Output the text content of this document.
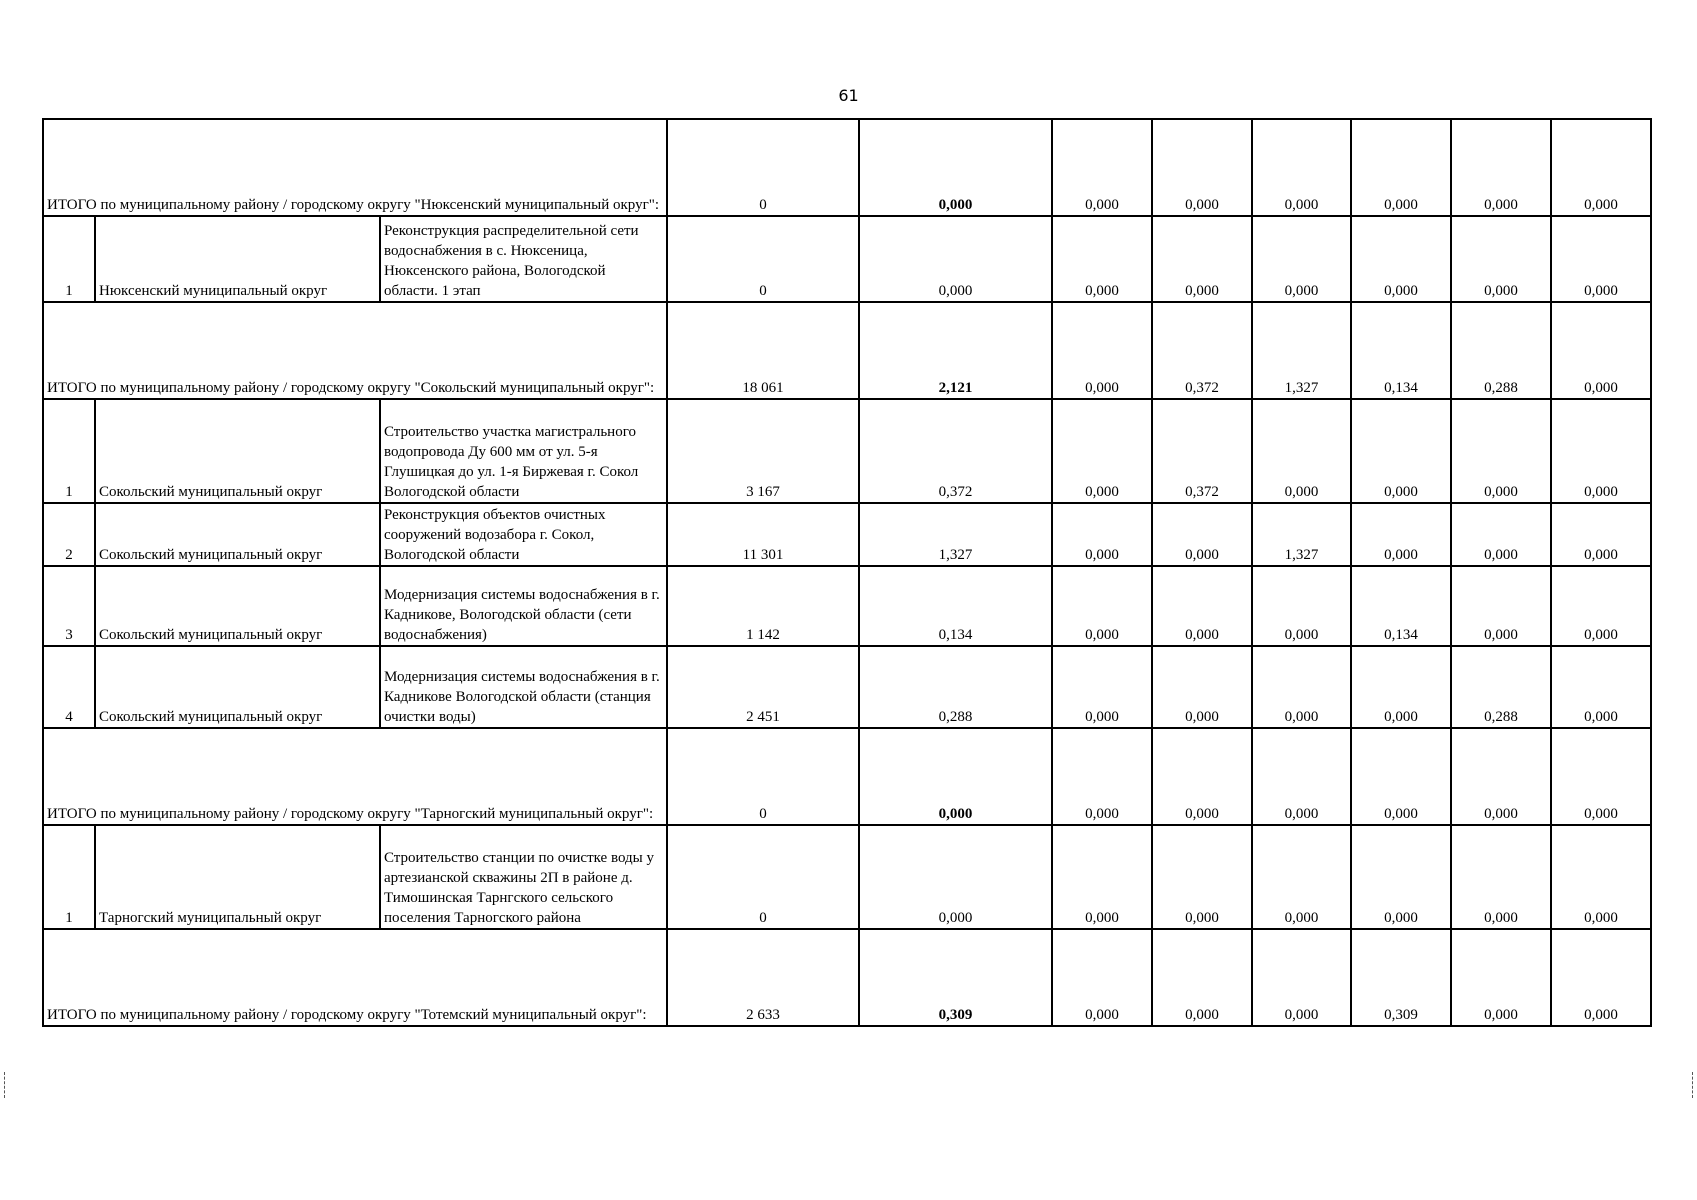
61
ИТОГО по муниципальному району / городскому округу "Нюксенский муниципальный округ":			0	0,000	0,000	0,000	0,000	0,000	0,000	0,000
1	Нюксенский муниципальный округ	Реконструкция распределительной сети водоснабжения в с. Нюксеница, Нюксенского района, Вологодской области. 1 этап	0	0,000	0,000	0,000	0,000	0,000	0,000	0,000

ИТОГО по муниципальному району / городскому округу "Сокольский муниципальный округ":			18 061	2,121	0,000	0,372	1,327	0,134	0,288	0,000
1	Сокольский муниципальный округ	Строительство участка магистрального водопровода Ду 600 мм от ул. 5-я Глушицкая до ул. 1-я Биржевая г. Сокол Вологодской области	3 167	0,372	0,000	0,372	0,000	0,000	0,000	0,000
2	Сокольский муниципальный округ	Реконструкция объектов очистных сооружений водозабора г. Сокол, Вологодской области	11 301	1,327	0,000	0,000	1,327	0,000	0,000	0,000
3	Сокольский муниципальный округ	Модернизация системы водоснабжения в г. Кадникове, Вологодской области (сети водоснабжения)	1 142	0,134	0,000	0,000	0,000	0,134	0,000	0,000
4	Сокольский муниципальный округ	Модернизация системы водоснабжения в г. Кадникове Вологодской области (станция очистки воды)	2 451	0,288	0,000	0,000	0,000	0,000	0,288	0,000

ИТОГО по муниципальному району / городскому округу "Тарногский муниципальный округ":			0	0,000	0,000	0,000	0,000	0,000	0,000	0,000
1	Тарногский муниципальный округ	Строительство станции по очистке воды у артезианской скважины 2П в районе д. Тимошинская Тарнгского сельского поселения Тарногского района	0	0,000	0,000	0,000	0,000	0,000	0,000	0,000

ИТОГО по муниципальному району / городскому округу "Тотемский муниципальный округ":			2 633	0,309	0,000	0,000	0,000	0,309	0,000	0,000
